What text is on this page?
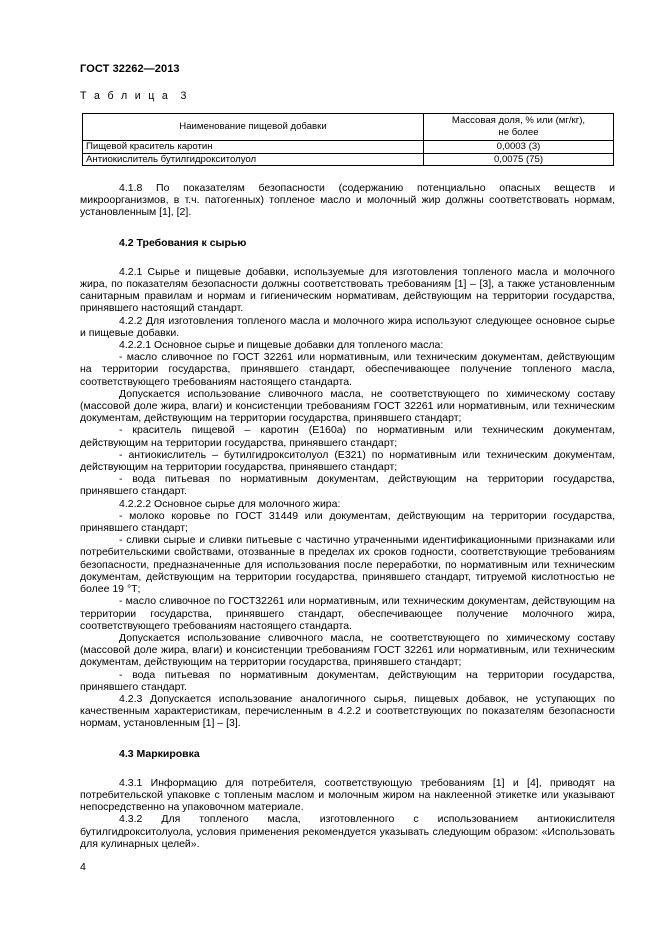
ГОСТ 32262—2013
Т а б л и ц а  3
Наименование пищевой добавки	Массовая доля, % или (мг/кг),
не более
Пищевой краситель каротин	0,0003 (3)
Антиокислитель бутилгидрокситолуол	0,0075 (75)

4.1.8 По показателям безопасности (содержанию потенциально опасных веществ и микроорганизмов, в т.ч. патогенных) топленое масло и молочный жир должны соответствовать нормам, установленным [1], [2].

4.2 Требования к сырью

4.2.1 Сырье и пищевые добавки, используемые для изготовления топленого масла и молочного жира, по показателям безопасности должны соответствовать требованиям [1] – [3], а также установленным санитарным правилам и нормам и гигиеническим нормативам, действующим на территории государства, принявшего настоящий стандарт.

4.2.2 Для изготовления топленого масла и молочного жира используют следующее основное сырье и пищевые добавки.

4.2.2.1 Основное сырье и пищевые добавки для топленого масла:

- масло сливочное по ГОСТ 32261 или нормативным, или техническим документам, действующим на территории государства, принявшего стандарт, обеспечивающее получение топленого масла, соответствующего требованиям настоящего стандарта.

Допускается использование сливочного масла, не соответствующего по химическому составу (массовой доле жира, влаги) и консистенции требованиям ГОСТ 32261 или нормативным, или техническим документам, действующим на территории государства, принявшего стандарт;

- краситель пищевой – каротин (Е160а) по нормативным или техническим документам, действующим на территории государства, принявшего стандарт;

- антиокислитель – бутилгидрокситолуол (Е321) по нормативным или техническим документам, действующим на территории государства, принявшего стандарт;

- вода питьевая по нормативным документам, действующим на территории государства, принявшего стандарт.

4.2.2.2 Основное сырье для молочного жира:

- молоко коровье по ГОСТ 31449 или документам, действующим на территории государства, принявшего стандарт;

- сливки сырые и сливки питьевые с частично утраченными идентификационными признаками или потребительскими свойствами, отозванные в пределах их сроков годности, соответствующие требованиям безопасности, предназначенные для использования после переработки, по нормативным или техническим документам, действующим на территории государства, принявшего стандарт, титруемой кислотностью не более 19 °Т;

- масло сливочное по ГОСТ32261 или нормативным, или техническим документам, действующим на территории государства, принявшего стандарт, обеспечивающее получение молочного жира, соответствующего требованиям настоящего стандарта.

Допускается использование сливочного масла, не соответствующего по химическому составу (массовой доле жира, влаги) и консистенции требованиям ГОСТ 32261 или нормативным, или техническим документам, действующим на территории государства, принявшего стандарт;

- вода питьевая по нормативным документам, действующим на территории государства, принявшего стандарт.

4.2.3 Допускается использование аналогичного сырья, пищевых добавок, не уступающих по качественным характеристикам, перечисленным в 4.2.2 и соответствующих по показателям безопасности нормам, установленным [1] – [3].

4.3 Маркировка

4.3.1 Информацию для потребителя, соответствующую требованиям [1] и [4], приводят на потребительской упаковке с топленым маслом и молочным жиром на наклеенной этикетке или указывают непосредственно на упаковочном материале.

4.3.2 Для топленого масла, изготовленного с использованием антиокислителя бутилгидрокситолуола, условия применения рекомендуется указывать следующим образом: «Использовать для кулинарных целей».

4
